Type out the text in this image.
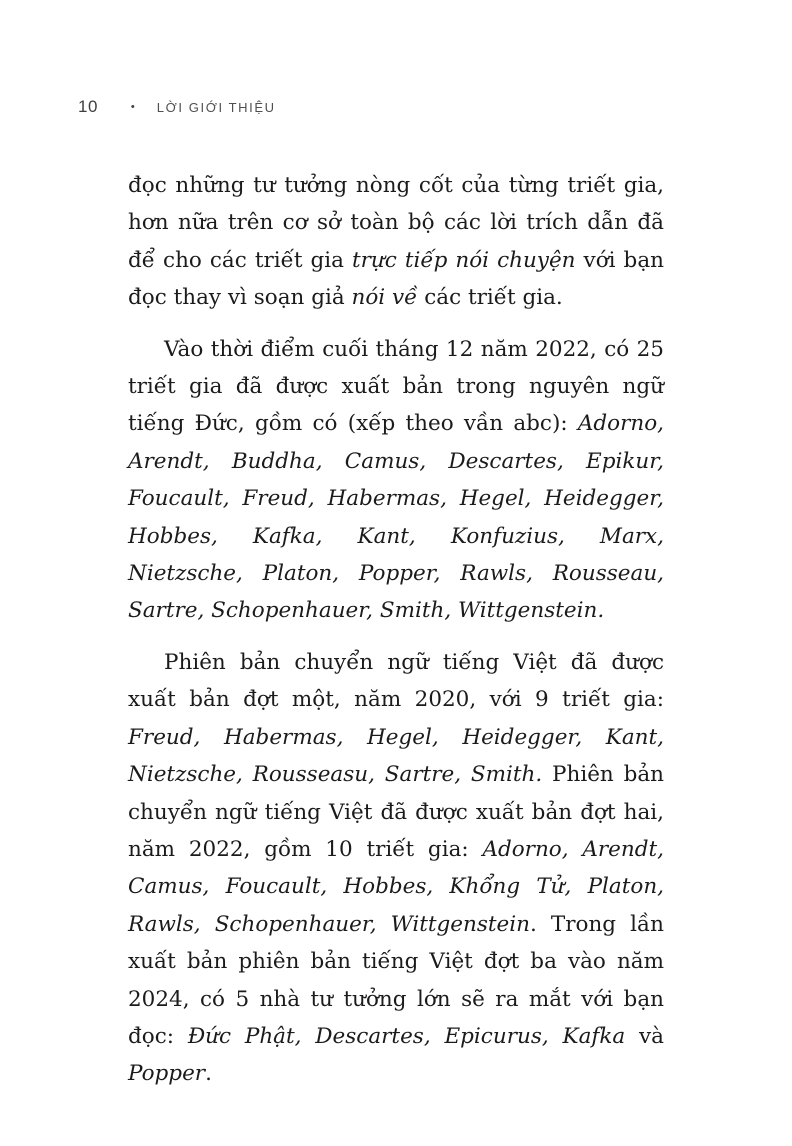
10	• LỜI GIỚI THIỆU

đọc những tư tưởng nòng cốt của từng triết gia, hơn nữa trên cơ sở toàn bộ các lời trích dẫn đã để cho các triết gia trực tiếp nói chuyện với bạn đọc thay vì soạn giả nói về các triết gia.

Vào thời điểm cuối tháng 12 năm 2022, có 25 triết gia đã được xuất bản trong nguyên ngữ tiếng Đức, gồm có (xếp theo vần abc): Adorno, Arendt, Buddha, Camus, Descartes, Epikur, Foucault, Freud, Habermas, Hegel, Heidegger, Hobbes, Kafka, Kant, Konfuzius, Marx, Nietzsche, Platon, Popper, Rawls, Rousseau, Sartre, Schopenhauer, Smith, Wittgenstein.

Phiên bản chuyển ngữ tiếng Việt đã được xuất bản đợt một, năm 2020, với 9 triết gia: Freud, Habermas, Hegel, Heidegger, Kant, Nietzsche, Rousseasu, Sartre, Smith. Phiên bản chuyển ngữ tiếng Việt đã được xuất bản đợt hai, năm 2022, gồm 10 triết gia: Adorno, Arendt, Camus, Foucault, Hobbes, Khổng Tử, Platon, Rawls, Schopenhauer, Wittgenstein. Trong lần xuất bản phiên bản tiếng Việt đợt ba vào năm 2024, có 5 nhà tư tưởng lớn sẽ ra mắt với bạn đọc: Đức Phật, Descartes, Epicurus, Kafka và Popper.
